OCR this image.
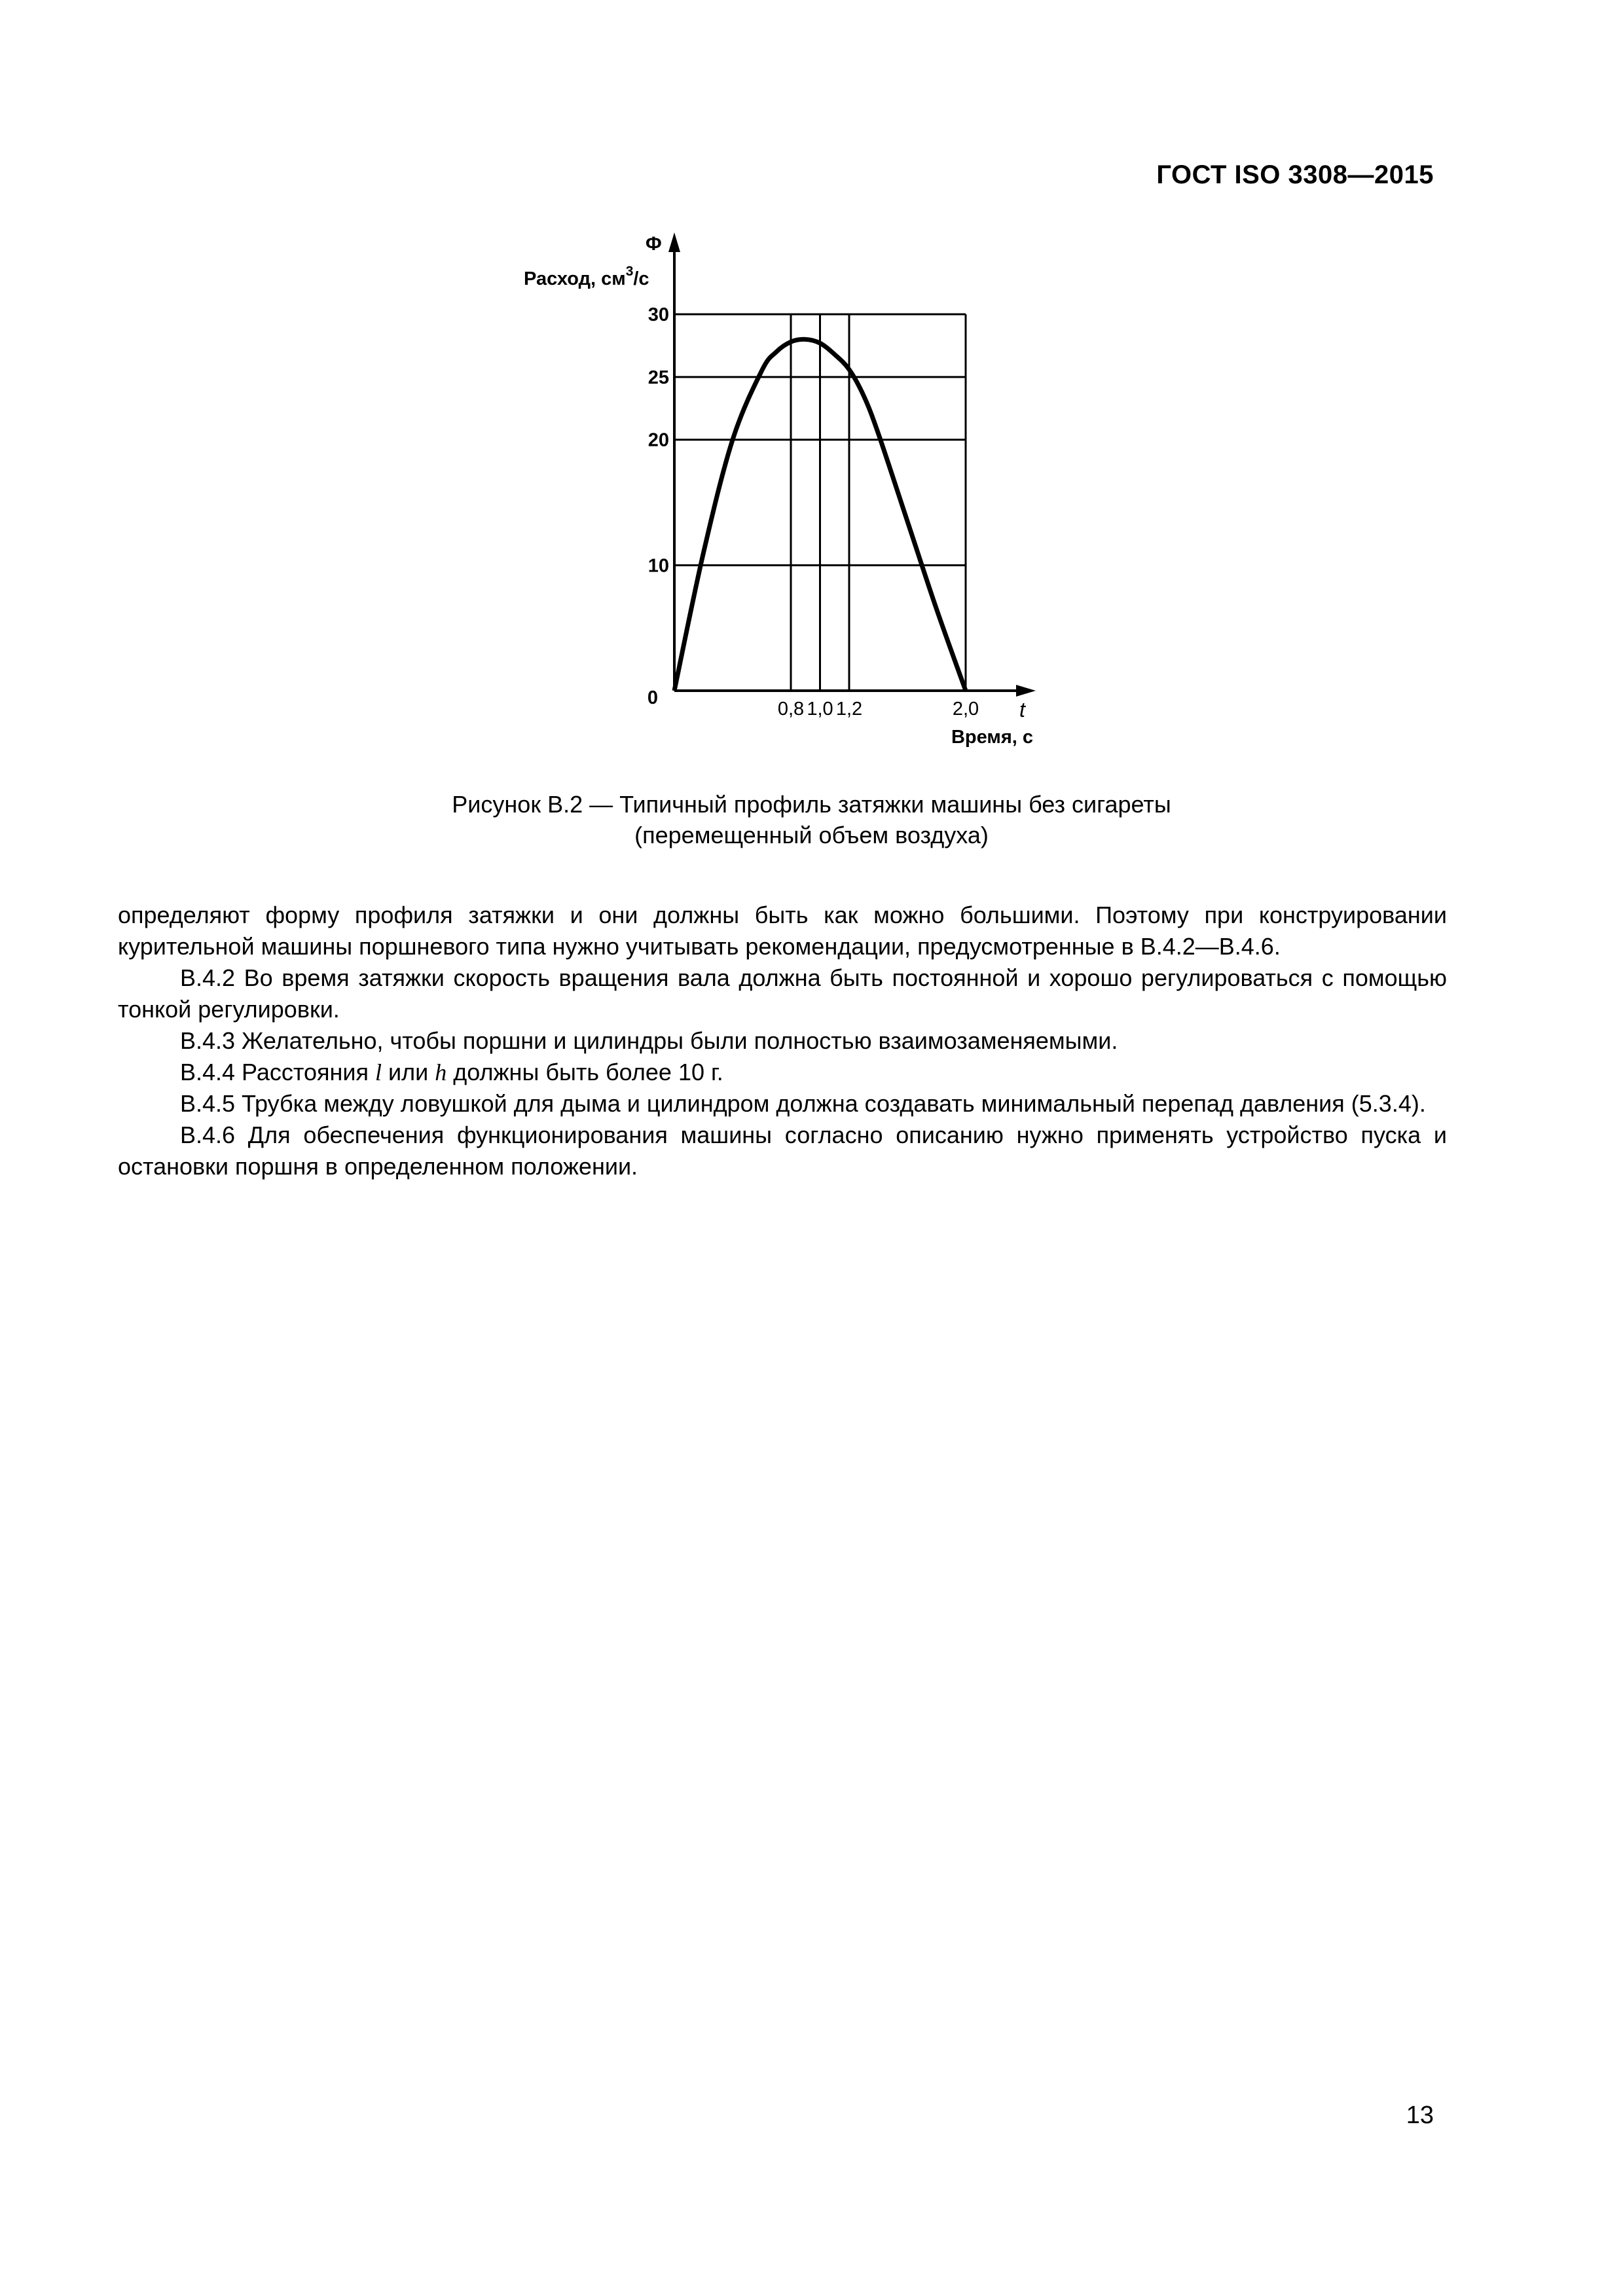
ГОСТ ISO 3308—2015
0
10
20
25
30
0,8 1,0 1,2	2,0
Φ
Расход, $см^3/с$
t
Время, с
Рисунок В.2 — Типичный профиль затяжки машины без сигареты
(перемещенный объем воздуха)

определяют форму профиля затяжки и они должны быть как можно большими. Поэтому при конструировании курительной машины поршневого типа нужно учитывать рекомендации, предусмотренные в В.4.2—В.4.6.

В.4.2 Во время затяжки скорость вращения вала должна быть постоянной и хорошо регулироваться с помощью тонкой регулировки.

В.4.3 Желательно, чтобы поршни и цилиндры были полностью взаимозаменяемыми.

В.4.4 Расстояния l или h должны быть более 10 г.

В.4.5 Трубка между ловушкой для дыма и цилиндром должна создавать минимальный перепад давления (5.3.4).

В.4.6 Для обеспечения функционирования машины согласно описанию нужно применять устройство пуска и остановки поршня в определенном положении.

13
